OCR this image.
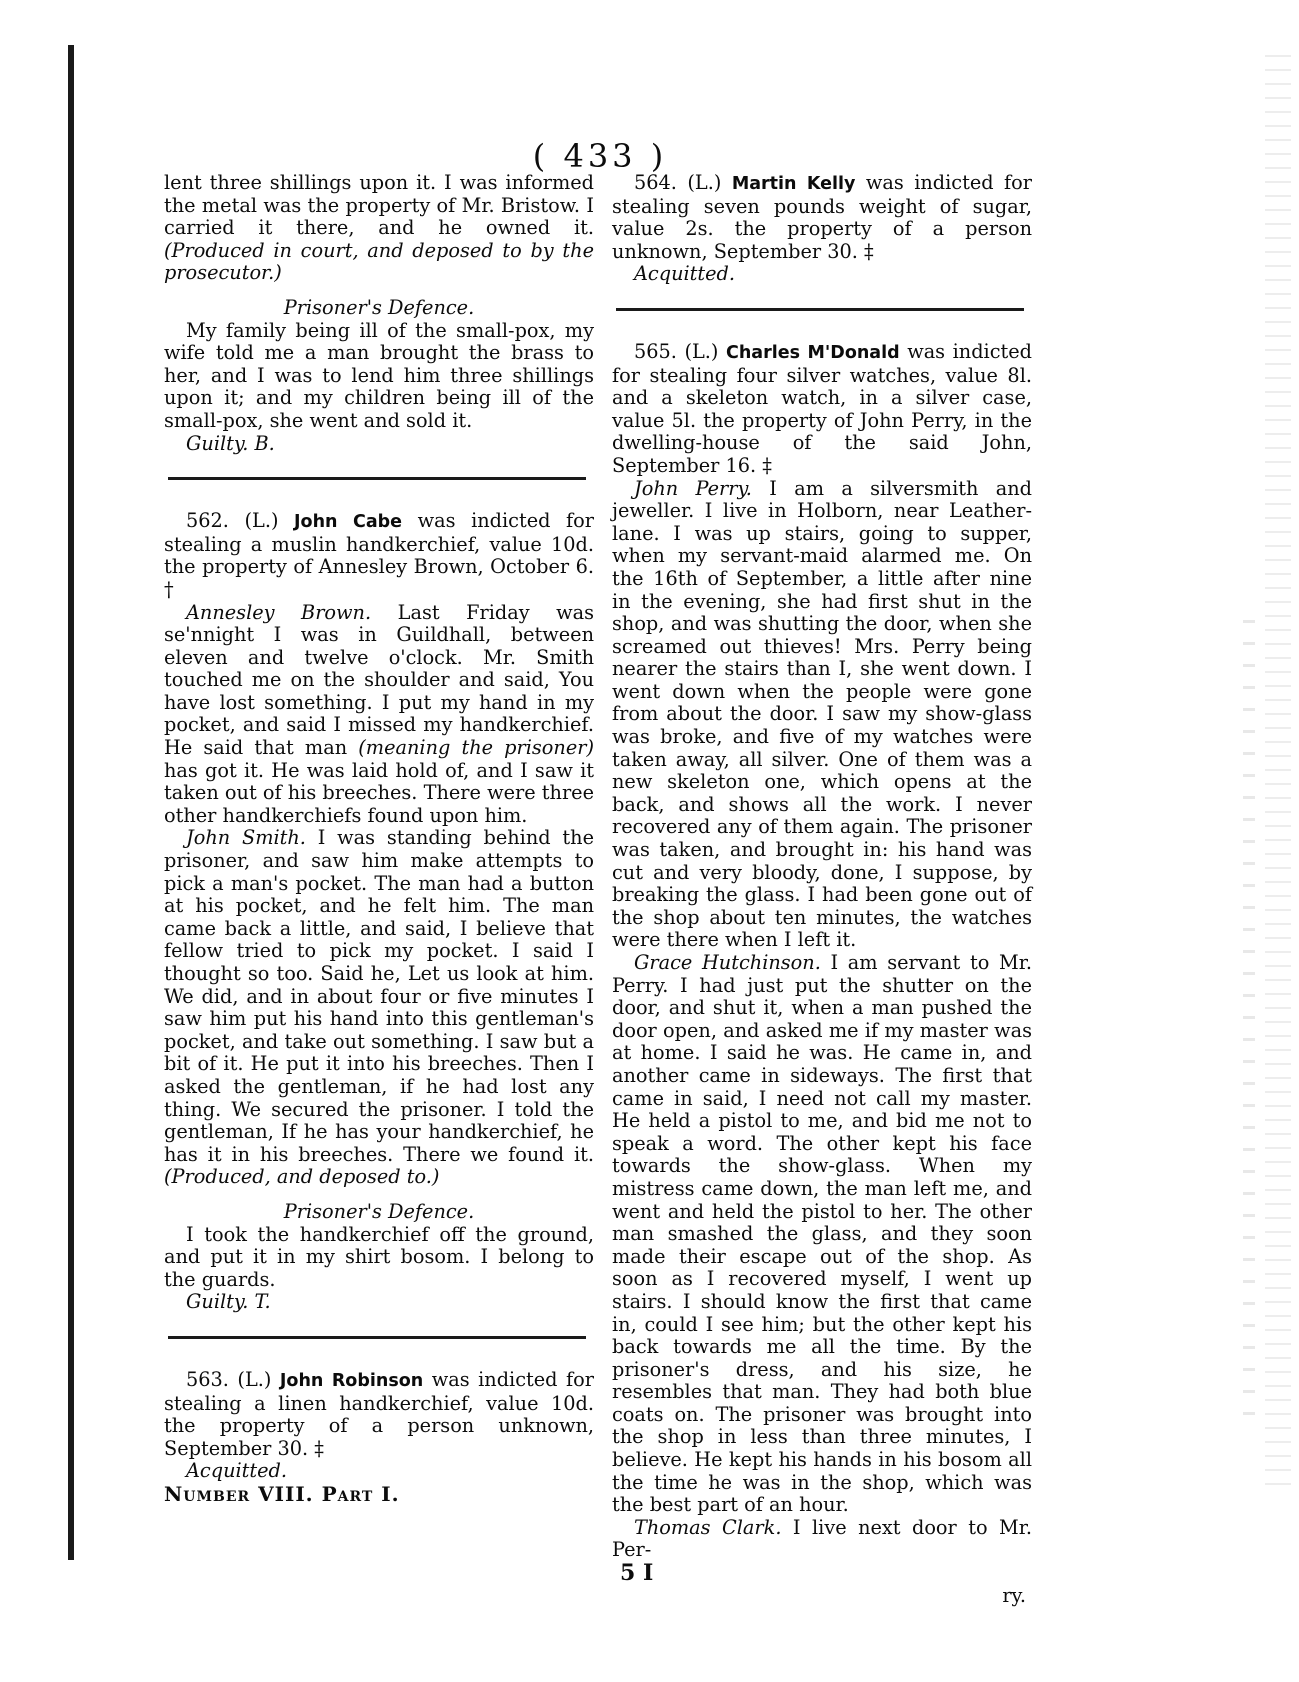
( 433 )

lent three shillings upon it. I was informed the metal was the property of Mr. Bristow. I carried it there, and he owned it. (Produced in court, and deposed to by the prosecutor.)

Prisoner's Defence.

My family being ill of the small-pox, my wife told me a man brought the brass to her, and I was to lend him three shillings upon it; and my children being ill of the small-pox, she went and sold it.

Guilty. B.

562. (L.) John Cabe was indicted for stealing a muslin handkerchief, value 10d. the property of Annesley Brown, October 6. †

Annesley Brown. Last Friday was se'nnight I was in Guildhall, between eleven and twelve o'clock. Mr. Smith touched me on the shoulder and said, You have lost something. I put my hand in my pocket, and said I missed my handkerchief. He said that man (meaning the prisoner) has got it. He was laid hold of, and I saw it taken out of his breeches. There were three other handkerchiefs found upon him.

John Smith. I was standing behind the prisoner, and saw him make attempts to pick a man's pocket. The man had a button at his pocket, and he felt him. The man came back a little, and said, I believe that fellow tried to pick my pocket. I said I thought so too. Said he, Let us look at him. We did, and in about four or five minutes I saw him put his hand into this gentleman's pocket, and take out something. I saw but a bit of it. He put it into his breeches. Then I asked the gentleman, if he had lost any thing. We secured the prisoner. I told the gentleman, If he has your handkerchief, he has it in his breeches. There we found it. (Produced, and deposed to.)

Prisoner's Defence.

I took the handkerchief off the ground, and put it in my shirt bosom. I belong to the guards.

Guilty. T.

563. (L.) John Robinson was indicted for stealing a linen handkerchief, value 10d. the property of a person unknown, September 30. ‡

Acquitted.

Number VIII. Part I.

564. (L.) Martin Kelly was indicted for stealing seven pounds weight of sugar, value 2s. the property of a person unknown, September 30. ‡

Acquitted.

565. (L.) Charles M'Donald was indicted for stealing four silver watches, value 8l. and a skeleton watch, in a silver case, value 5l. the property of John Perry, in the dwelling-house of the said John, September 16. ‡

John Perry. I am a silversmith and jeweller. I live in Holborn, near Leather-lane. I was up stairs, going to supper, when my servant-maid alarmed me. On the 16th of September, a little after nine in the evening, she had first shut in the shop, and was shutting the door, when she screamed out thieves! Mrs. Perry being nearer the stairs than I, she went down. I went down when the people were gone from about the door. I saw my show-glass was broke, and five of my watches were taken away, all silver. One of them was a new skeleton one, which opens at the back, and shows all the work. I never recovered any of them again. The prisoner was taken, and brought in: his hand was cut and very bloody, done, I suppose, by breaking the glass. I had been gone out of the shop about ten minutes, the watches were there when I left it.

Grace Hutchinson. I am servant to Mr. Perry. I had just put the shutter on the door, and shut it, when a man pushed the door open, and asked me if my master was at home. I said he was. He came in, and another came in sideways. The first that came in said, I need not call my master. He held a pistol to me, and bid me not to speak a word. The other kept his face towards the show-glass. When my mistress came down, the man left me, and went and held the pistol to her. The other man smashed the glass, and they soon made their escape out of the shop. As soon as I recovered myself, I went up stairs. I should know the first that came in, could I see him; but the other kept his back towards me all the time. By the prisoner's dress, and his size, he resembles that man. They had both blue coats on. The prisoner was brought into the shop in less than three minutes, I believe. He kept his hands in his bosom all the time he was in the shop, which was the best part of an hour.

Thomas Clark. I live next door to Mr. Per-

5 I

ry.
